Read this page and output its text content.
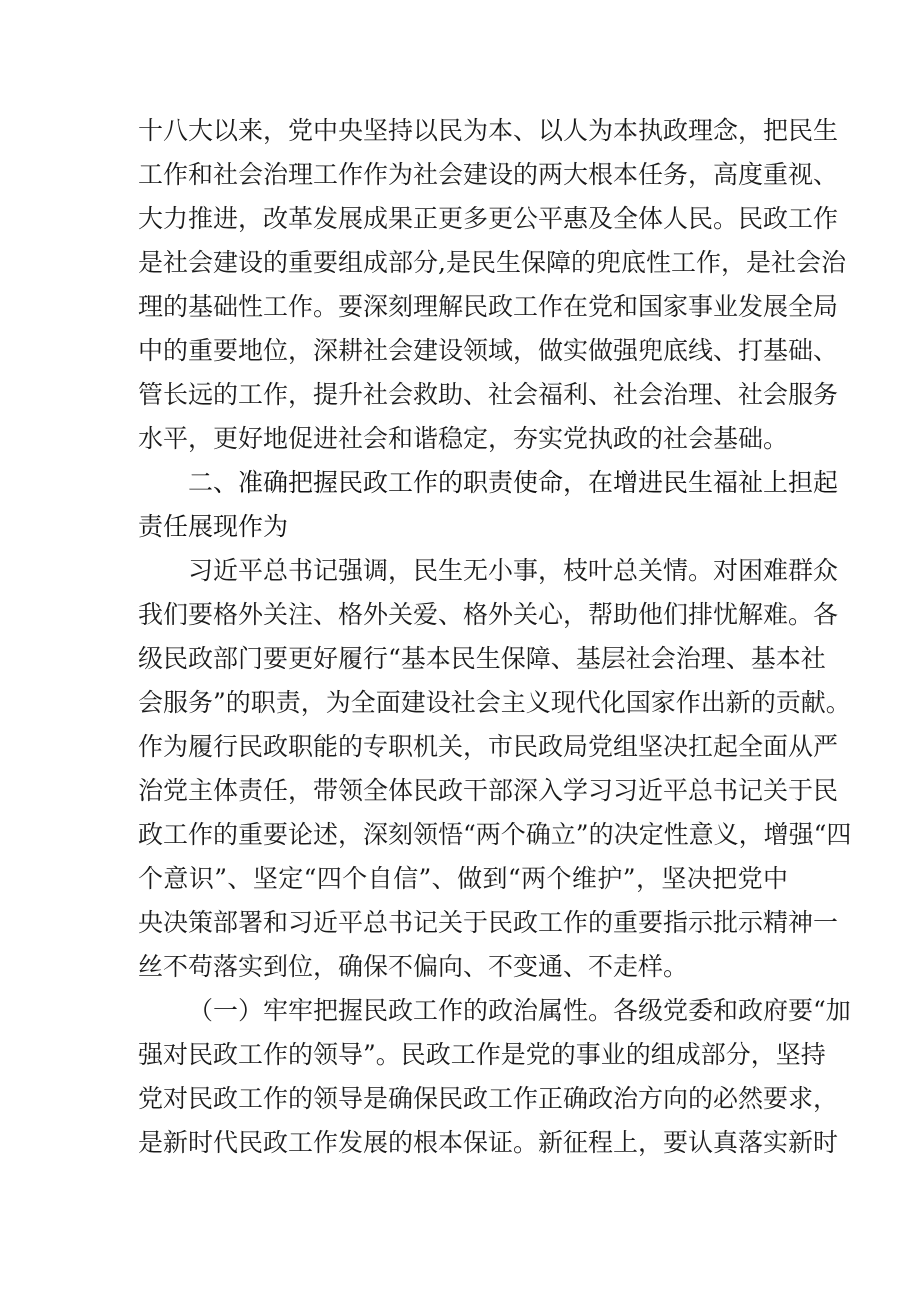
十八大以来，党中央坚持以民为本、以人为本执政理念，把民生
工作和社会治理工作作为社会建设的两大根本任务，高度重视、
大力推进，改革发展成果正更多更公平惠及全体人民。民政工作
是社会建设的重要组成部分,是民生保障的兜底性工作，是社会治
理的基础性工作。要深刻理解民政工作在党和国家事业发展全局
中的重要地位，深耕社会建设领域，做实做强兜底线、打基础、
管长远的工作，提升社会救助、社会福利、社会治理、社会服务
水平，更好地促进社会和谐稳定，夯实党执政的社会基础。
二、准确把握民政工作的职责使命，在增进民生福祉上担起
责任展现作为
习近平总书记强调，民生无小事，枝叶总关情。对困难群众
我们要格外关注、格外关爱、格外关心，帮助他们排忧解难。各
级民政部门要更好履行“基本民生保障、基层社会治理、基本社
会服务”的职责，为全面建设社会主义现代化国家作出新的贡献。
作为履行民政职能的专职机关，市民政局党组坚决扛起全面从严
治党主体责任，带领全体民政干部深入学习习近平总书记关于民
政工作的重要论述，深刻领悟“两个确立”的决定性意义，增强“四
个意识”、坚定“四个自信”、做到“两个维护”，坚决把党中
央决策部署和习近平总书记关于民政工作的重要指示批示精神一
丝不苟落实到位，确保不偏向、不变通、不走样。
（一）牢牢把握民政工作的政治属性。各级党委和政府要“加
强对民政工作的领导”。民政工作是党的事业的组成部分，坚持
党对民政工作的领导是确保民政工作正确政治方向的必然要求，
是新时代民政工作发展的根本保证。新征程上，要认真落实新时
